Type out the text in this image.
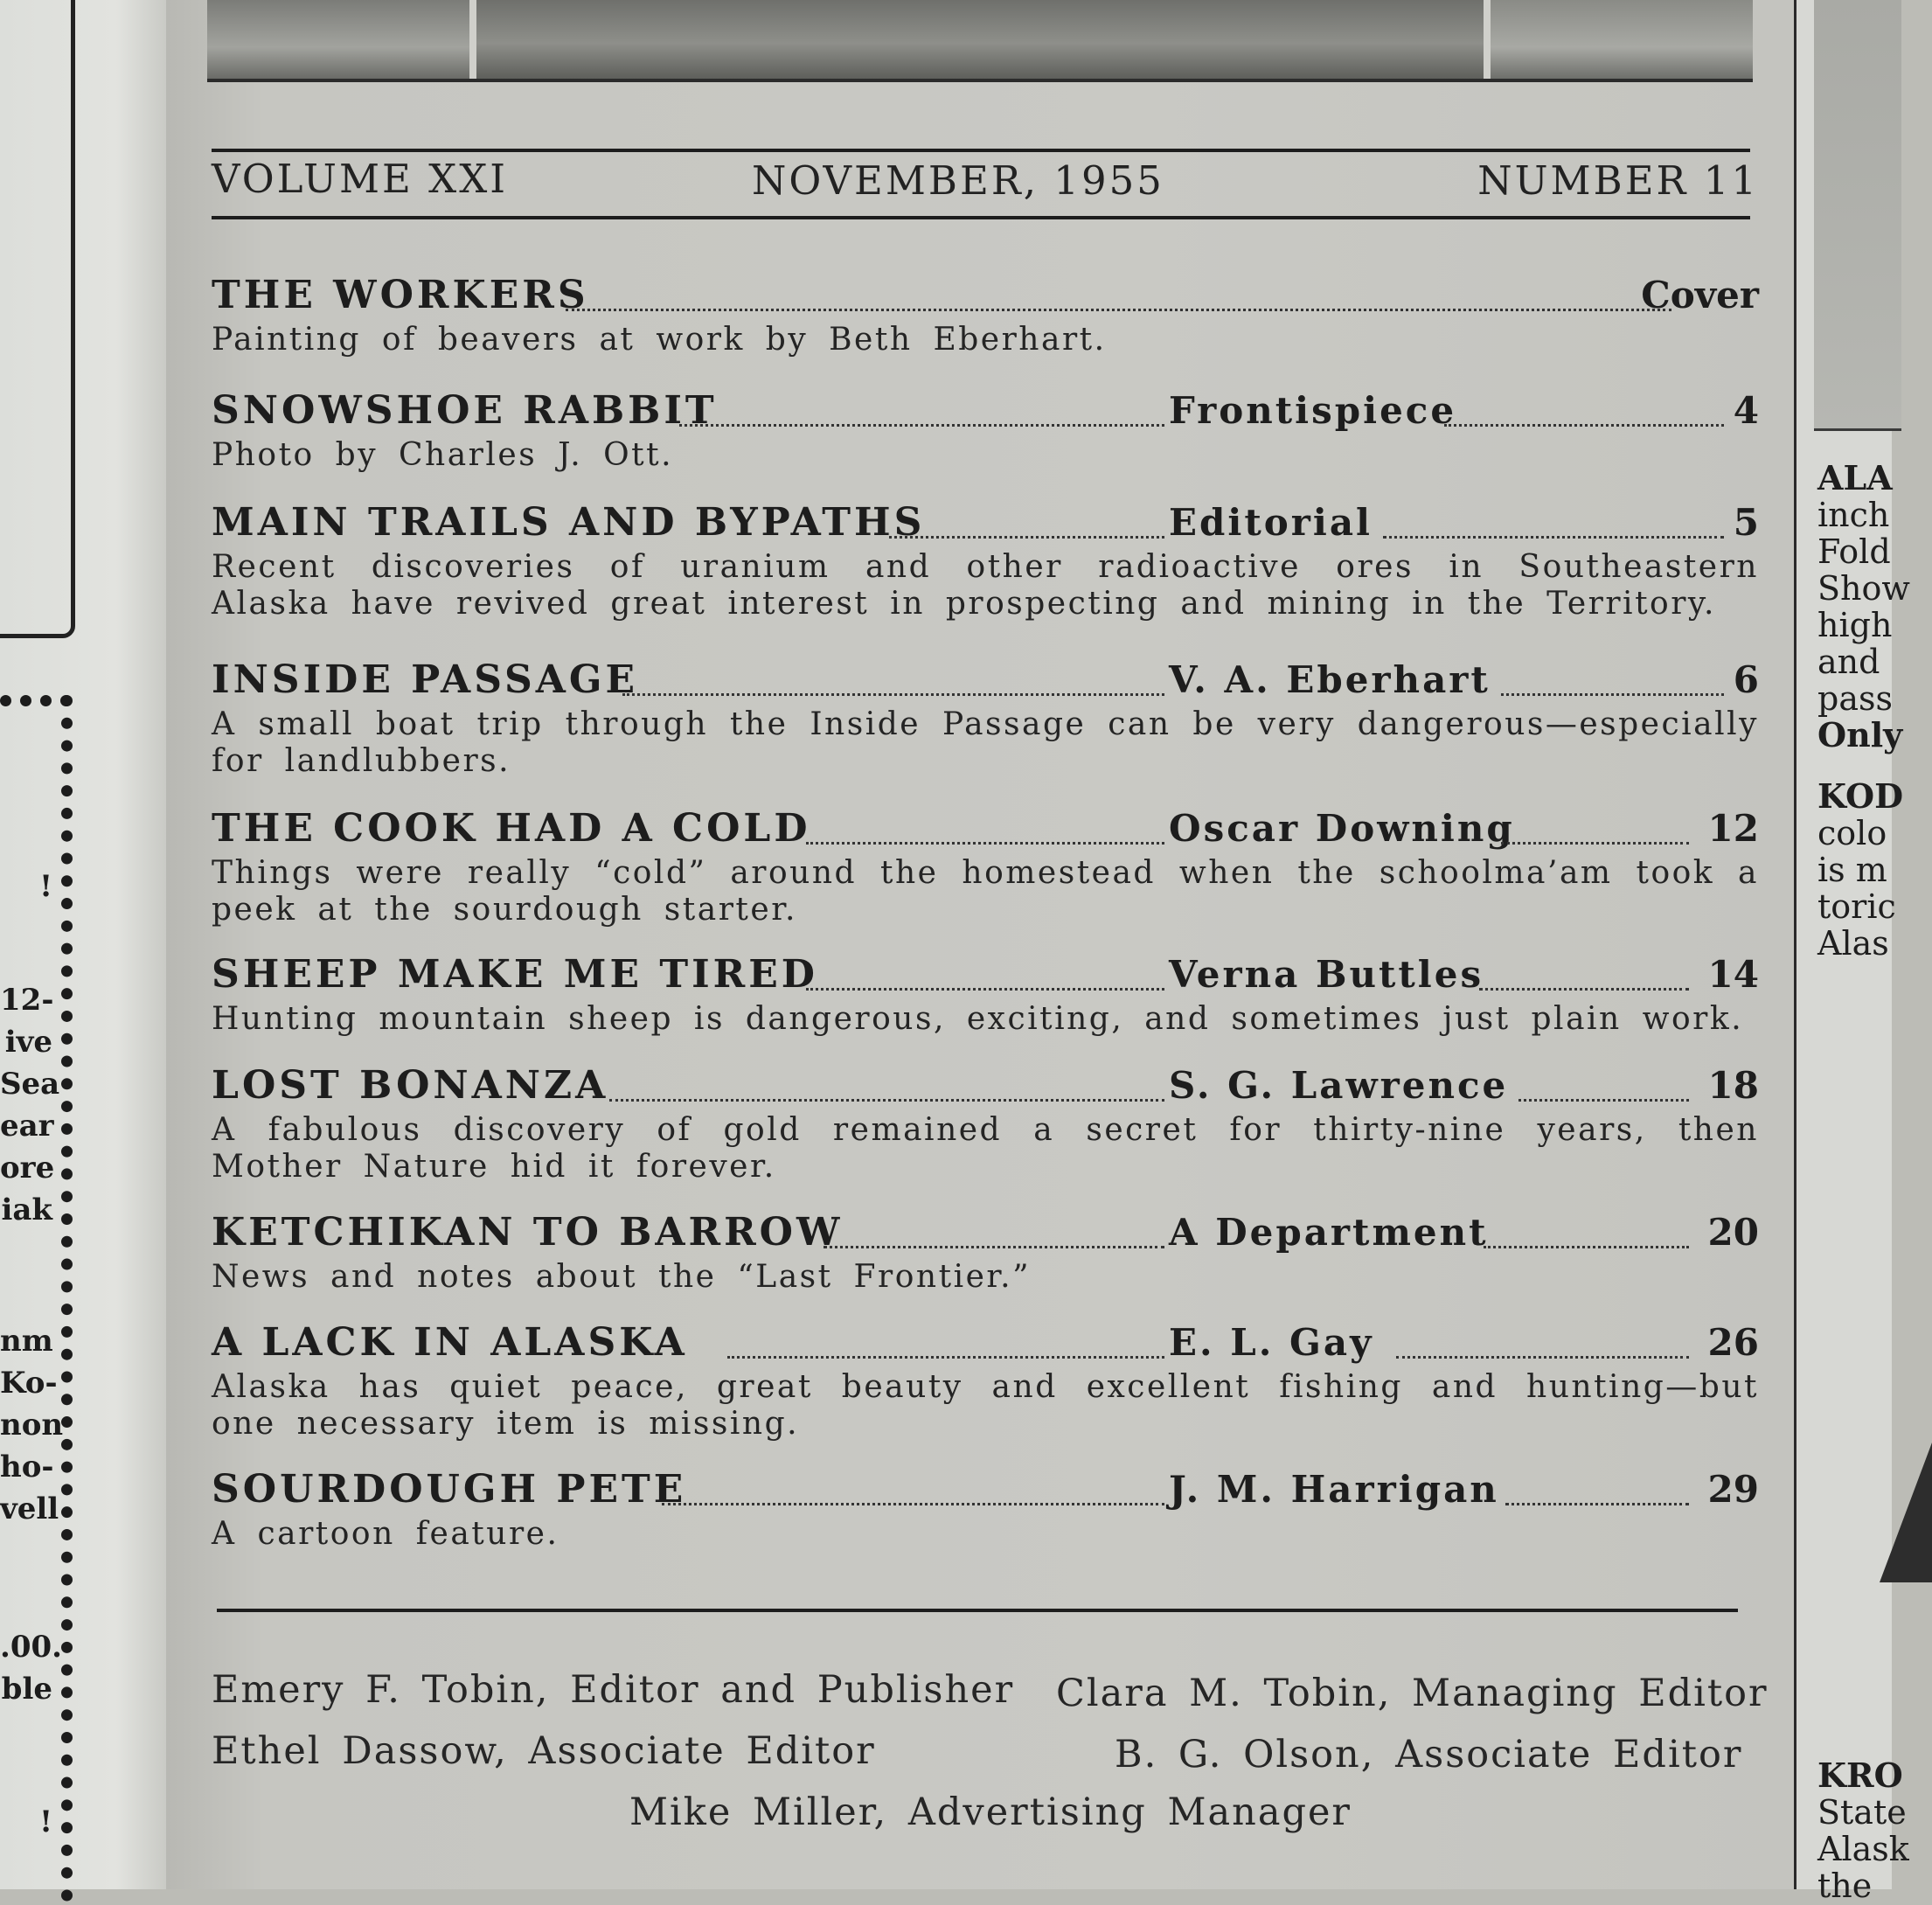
!
12-
ive
Sea
ear
ore
iak
nm
Ko-
non
ho-
vell
.00.
ble
!
VOLUME XXI	NOVEMBER, 1955	NUMBER 11
THE WORKERS	Cover
Painting of beavers at work by Beth Eberhart.
SNOWSHOE RABBIT	Frontispiece	4
Photo by Charles J. Ott.
MAIN TRAILS AND BYPATHS	Editorial	5
Recent discoveries of uranium and other radioactive ores in Southeastern Alaska have revived great interest in prospecting and mining in the Territory.
INSIDE PASSAGE	V. A. Eberhart	6
A small boat trip through the Inside Passage can be very dangerous—especially for landlubbers.
THE COOK HAD A COLD	Oscar Downing	12
Things were really “cold” around the homestead when the schoolma’am took a peek at the sourdough starter.
SHEEP MAKE ME TIRED	Verna Buttles	14
Hunting mountain sheep is dangerous, exciting, and sometimes just plain work.
LOST BONANZA	S. G. Lawrence	18
A fabulous discovery of gold remained a secret for thirty-nine years, then Mother Nature hid it forever.
KETCHIKAN TO BARROW	A Department	20
News and notes about the “Last Frontier.”
A LACK IN ALASKA	E. L. Gay	26
Alaska has quiet peace, great beauty and excellent fishing and hunting—but one necessary item is missing.
SOURDOUGH PETE	J. M. Harrigan	29
A cartoon feature.
Emery F. Tobin, Editor and Publisher Clara M. Tobin, Managing Editor
Ethel Dassow, Associate Editor	B. G. Olson, Associate Editor
Mike Miller, Advertising Manager
ALA
inch
Fold
Show
high
and
pass
Only
KOD
colo
is m
toric
Alas
KRO
State
Alask
the
